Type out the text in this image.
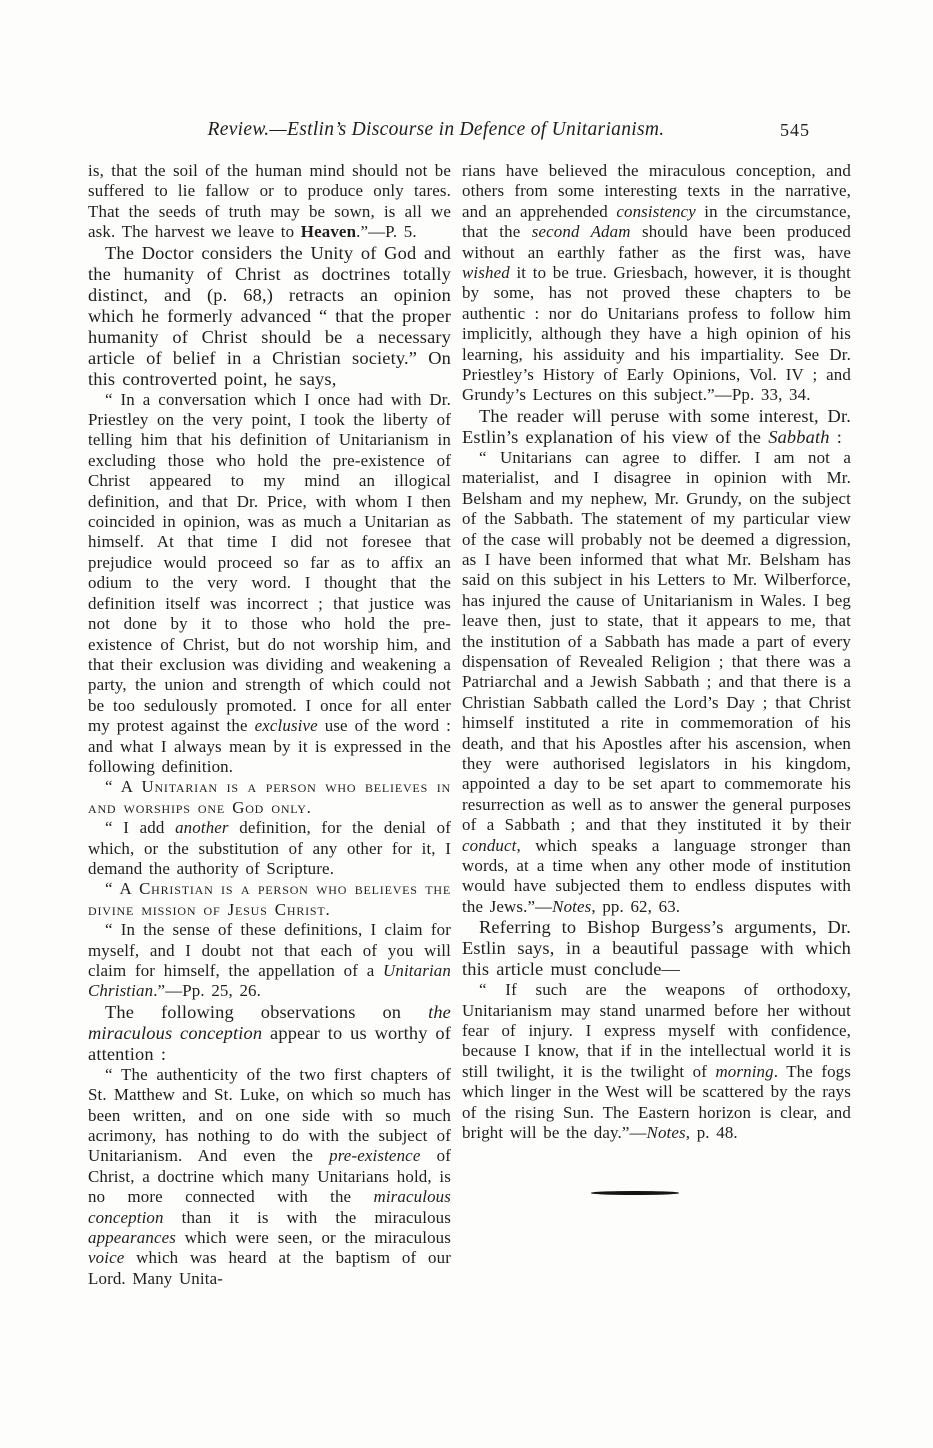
Review.—Estlin’s Discourse in Defence of Unitarianism.	545

is, that the soil of the human mind should not be suffered to lie fallow or to produce only tares. That the seeds of truth may be sown, is all we ask. The harvest we leave to Heaven.”—P. 5.

The Doctor considers the Unity of God and the humanity of Christ as doctrines totally distinct, and (p. 68,) retracts an opinion which he formerly advanced “ that the proper humanity of Christ should be a necessary article of belief in a Christian society.” On this controverted point, he says,

“ In a conversation which I once had with Dr. Priestley on the very point, I took the liberty of telling him that his definition of Unitarianism in excluding those who hold the pre-existence of Christ appeared to my mind an illogical definition, and that Dr. Price, with whom I then coincided in opinion, was as much a Unitarian as himself. At that time I did not foresee that prejudice would proceed so far as to affix an odium to the very word. I thought that the definition itself was incorrect ; that justice was not done by it to those who hold the pre-existence of Christ, but do not worship him, and that their exclusion was dividing and weakening a party, the union and strength of which could not be too sedulously promoted. I once for all enter my protest against the exclusive use of the word : and what I always mean by it is expressed in the following definition.

“ A Unitarian is a person who believes in and worships one God only.

“ I add another definition, for the denial of which, or the substitution of any other for it, I demand the authority of Scripture.

“ A Christian is a person who believes the divine mission of Jesus Christ.

“ In the sense of these definitions, I claim for myself, and I doubt not that each of you will claim for himself, the appellation of a Unitarian Christian.”—Pp. 25, 26.

The following observations on the miraculous conception appear to us worthy of attention :

“ The authenticity of the two first chapters of St. Matthew and St. Luke, on which so much has been written, and on one side with so much acrimony, has nothing to do with the subject of Unitarianism. And even the pre-existence of Christ, a doctrine which many Unitarians hold, is no more connected with the miraculous conception than it is with the miraculous appearances which were seen, or the miraculous voice which was heard at the baptism of our Lord. Many Unita-

rians have believed the miraculous conception, and others from some interesting texts in the narrative, and an apprehended consistency in the circumstance, that the second Adam should have been produced without an earthly father as the first was, have wished it to be true. Griesbach, however, it is thought by some, has not proved these chapters to be authentic : nor do Unitarians profess to follow him implicitly, although they have a high opinion of his learning, his assiduity and his impartiality. See Dr. Priestley’s History of Early Opinions, Vol. IV ; and Grundy’s Lectures on this subject.”—Pp. 33, 34.

The reader will peruse with some interest, Dr. Estlin’s explanation of his view of the Sabbath :

“ Unitarians can agree to differ. I am not a materialist, and I disagree in opinion with Mr. Belsham and my nephew, Mr. Grundy, on the subject of the Sabbath. The statement of my particular view of the case will probably not be deemed a digression, as I have been informed that what Mr. Belsham has said on this subject in his Letters to Mr. Wilberforce, has injured the cause of Unitarianism in Wales. I beg leave then, just to state, that it appears to me, that the institution of a Sabbath has made a part of every dispensation of Revealed Religion ; that there was a Patriarchal and a Jewish Sabbath ; and that there is a Christian Sabbath called the Lord’s Day ; that Christ himself instituted a rite in commemoration of his death, and that his Apostles after his ascension, when they were authorised legislators in his kingdom, appointed a day to be set apart to commemorate his resurrection as well as to answer the general purposes of a Sabbath ; and that they instituted it by their conduct, which speaks a language stronger than words, at a time when any other mode of institution would have subjected them to endless disputes with the Jews.”—Notes, pp. 62, 63.

Referring to Bishop Burgess’s arguments, Dr. Estlin says, in a beautiful passage with which this article must conclude—

“ If such are the weapons of orthodoxy, Unitarianism may stand unarmed before her without fear of injury. I express myself with confidence, because I know, that if in the intellectual world it is still twilight, it is the twilight of morning. The fogs which linger in the West will be scattered by the rays of the rising Sun. The Eastern horizon is clear, and bright will be the day.”—Notes, p. 48.
